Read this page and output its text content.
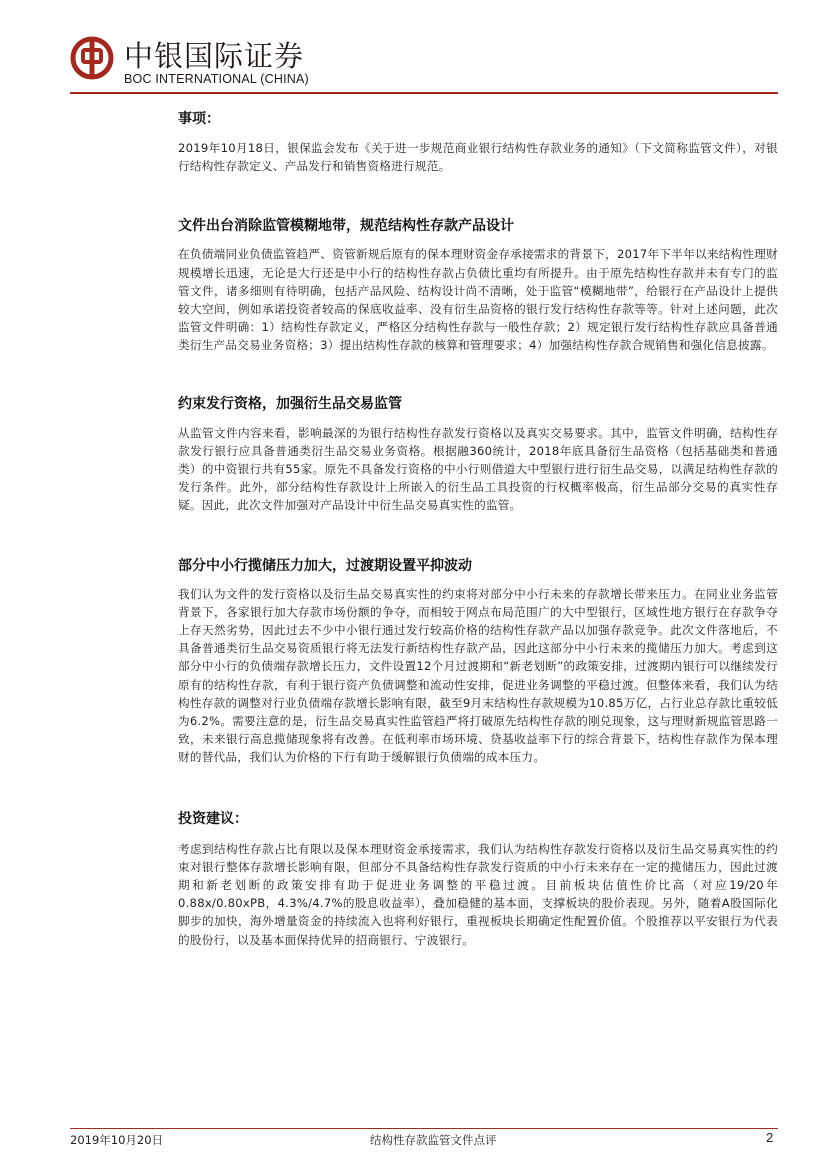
中银国际证券
BOC INTERNATIONAL (CHINA)
事项：

2019年10月18日，银保监会发布《关于进一步规范商业银行结构性存款业务的通知》（下文简称监管文件），对银行结构性存款定义、产品发行和销售资格进行规范。

文件出台消除监管模糊地带，规范结构性存款产品设计

在负债端同业负债监管趋严、资管新规后原有的保本理财资金存承接需求的背景下，2017年下半年以来结构性理财规模增长迅速，无论是大行还是中小行的结构性存款占负债比重均有所提升。由于原先结构性存款并未有专门的监管文件，诸多细则有待明确，包括产品风险、结构设计尚不清晰，处于监管“模糊地带”，给银行在产品设计上提供较大空间，例如承诺投资者较高的保底收益率、没有衍生品资格的银行发行结构性存款等等。针对上述问题，此次监管文件明确：1）结构性存款定义，严格区分结构性存款与一般性存款；2）规定银行发行结构性存款应具备普通类衍生产品交易业务资格；3）提出结构性存款的核算和管理要求；4）加强结构性存款合规销售和强化信息披露。

约束发行资格，加强衍生品交易监管

从监管文件内容来看，影响最深的为银行结构性存款发行资格以及真实交易要求。其中，监管文件明确，结构性存款发行银行应具备普通类衍生品交易业务资格。根据融360统计，2018年底具备衍生品资格（包括基础类和普通类）的中资银行共有55家。原先不具备发行资格的中小行则借道大中型银行进行衍生品交易，以满足结构性存款的发行条件。此外，部分结构性存款设计上所嵌入的衍生品工具投资的行权概率极高，衍生品部分交易的真实性存疑。因此，此次文件加强对产品设计中衍生品交易真实性的监管。

部分中小行揽储压力加大，过渡期设置平抑波动

我们认为文件的发行资格以及衍生品交易真实性的约束将对部分中小行未来的存款增长带来压力。在同业业务监管背景下，各家银行加大存款市场份额的争夺，而相较于网点布局范围广的大中型银行，区域性地方银行在存款争夺上存天然劣势，因此过去不少中小银行通过发行较高价格的结构性存款产品以加强存款竞争。此次文件落地后，不具备普通类衍生品交易资质银行将无法发行新结构性存款产品，因此这部分中小行未来的揽储压力加大。考虑到这部分中小行的负债端存款增长压力，文件设置12个月过渡期和“新老划断”的政策安排，过渡期内银行可以继续发行原有的结构性存款，有利于银行资产负债调整和流动性安排，促进业务调整的平稳过渡。但整体来看，我们认为结构性存款的调整对行业负债端存款增长影响有限，截至9月末结构性存款规模为10.85万亿，占行业总存款比重较低为6.2%。需要注意的是，衍生品交易真实性监管趋严将打破原先结构性存款的刚兑现象，这与理财新规监管思路一致，未来银行高息揽储现象将有改善。在低利率市场环境、贷基收益率下行的综合背景下，结构性存款作为保本理财的替代品，我们认为价格的下行有助于缓解银行负债端的成本压力。

投资建议：

考虑到结构性存款占比有限以及保本理财资金承接需求，我们认为结构性存款发行资格以及衍生品交易真实性的约束对银行整体存款增长影响有限，但部分不具备结构性存款发行资质的中小行未来存在一定的揽储压力，因此过渡期和新老划断的政策安排有助于促进业务调整的平稳过渡。目前板块估值性价比高（对应19/20年0.88x/0.80xPB，4.3%/4.7%的股息收益率），叠加稳健的基本面，支撑板块的股价表现。另外，随着A股国际化脚步的加快，海外增量资金的持续流入也将利好银行，重视板块长期确定性配置价值。个股推荐以平安银行为代表的股份行，以及基本面保持优异的招商银行、宁波银行。

2019年10月20日	结构性存款监管文件点评	2
